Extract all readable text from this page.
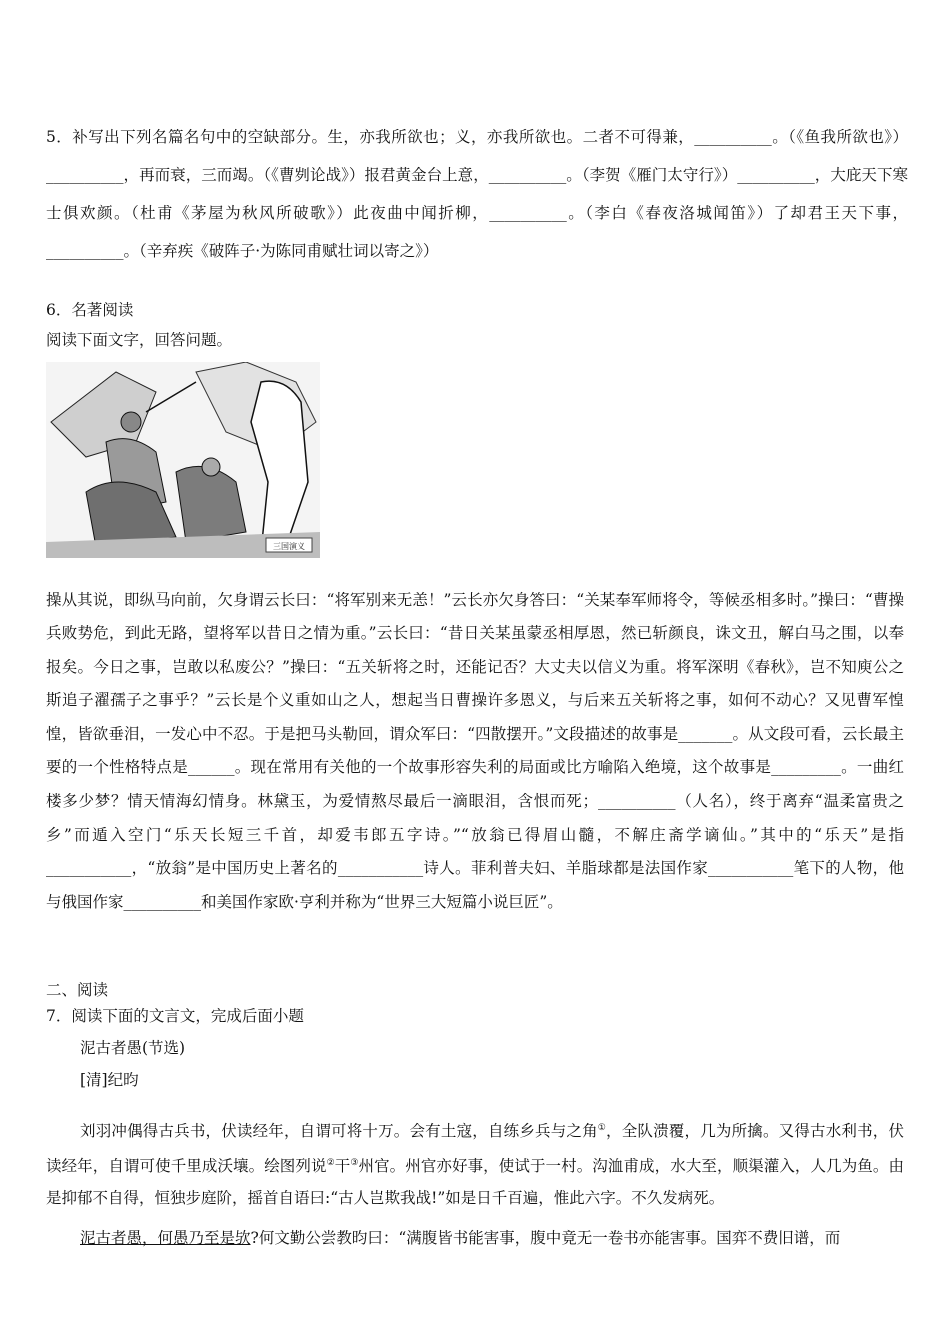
5．补写出下列名篇名句中的空缺部分。生，亦我所欲也；义，亦我所欲也。二者不可得兼，__________。（《鱼我所欲也》）__________，再而衰，三而竭。（《曹刿论战》）报君黄金台上意，__________。（李贺《雁门太守行》）__________，大庇天下寒士俱欢颜。（杜甫《茅屋为秋风所破歌》）此夜曲中闻折柳，__________。（李白《春夜洛城闻笛》）了却君王天下事，__________。（辛弃疾《破阵子·为陈同甫赋壮词以寄之》）

6．名著阅读
阅读下面文字，回答问题。
三国演义

操从其说，即纵马向前，欠身谓云长曰：“将军别来无恙！”云长亦欠身答曰：“关某奉军师将令，等候丞相多时。”操曰：“曹操兵败势危，到此无路，望将军以昔日之情为重。”云长曰：“昔日关某虽蒙丞相厚恩，然已斩颜良，诛文丑，解白马之围，以奉报矣。今日之事，岂敢以私废公？”操曰：“五关斩将之时，还能记否？大丈夫以信义为重。将军深明《春秋》，岂不知庾公之斯追子濯孺子之事乎？”云长是个义重如山之人，想起当日曹操许多恩义，与后来五关斩将之事，如何不动心？又见曹军惶惶，皆欲垂泪，一发心中不忍。于是把马头勒回，谓众军曰：“四散摆开。”文段描述的故事是_______。从文段可看，云长最主要的一个性格特点是______。现在常用有关他的一个故事形容失利的局面或比方喻陷入绝境，这个故事是_________。一曲红楼多少梦？情天情海幻情身。林黛玉，为爱情熬尽最后一滴眼泪，含恨而死；__________（人名），终于离弃“温柔富贵之乡”而遁入空门“乐天长短三千首，却爱韦郎五字诗。”“放翁已得眉山髓，不解庄斋学谪仙。”其中的“乐天”是指___________，“放翁”是中国历史上著名的___________诗人。菲利普夫妇、羊脂球都是法国作家___________笔下的人物，他与俄国作家__________和美国作家欧·亨利并称为“世界三大短篇小说巨匠”。

二、阅读
7．阅读下面的文言文，完成后面小题
泥古者愚(节选)
[清]纪昀

刘羽冲偶得古兵书，伏读经年，自谓可将十万。会有土寇，自练乡兵与之角①，全队溃覆，几为所擒。又得古水利书，伏读经年，自谓可使千里成沃壤。绘图列说②干③州官。州官亦好事，使试于一村。沟洫甫成，水大至，顺渠灌入，人几为鱼。由是抑郁不自得，恒独步庭阶，摇首自语曰:“古人岂欺我战!”如是日千百遍，惟此六字。不久发病死。

泥古者愚，何愚乃至是欤?何文勤公尝教昀曰：“满腹皆书能害事，腹中竟无一卷书亦能害事。国弈不费旧谱，而
